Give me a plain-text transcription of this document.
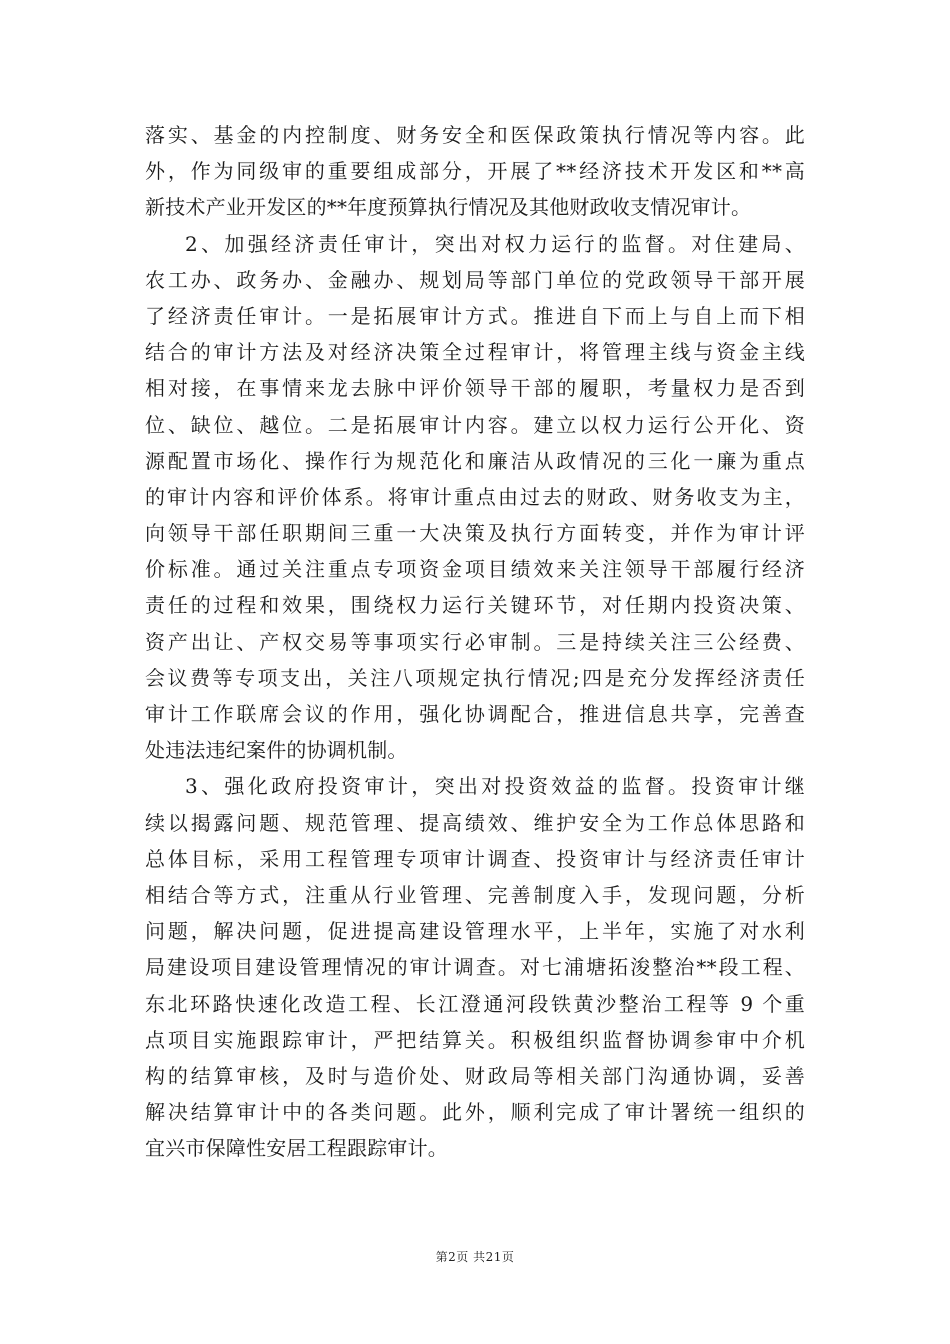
落实、基金的内控制度、财务安全和医保政策执行情况等内容。此
外，作为同级审的重要组成部分，开展了**经济技术开发区和**高
新技术产业开发区的**年度预算执行情况及其他财政收支情况审计。
2、加强经济责任审计，突出对权力运行的监督。对住建局、
农工办、政务办、金融办、规划局等部门单位的党政领导干部开展
了经济责任审计。一是拓展审计方式。推进自下而上与自上而下相
结合的审计方法及对经济决策全过程审计，将管理主线与资金主线
相对接，在事情来龙去脉中评价领导干部的履职，考量权力是否到
位、缺位、越位。二是拓展审计内容。建立以权力运行公开化、资
源配置市场化、操作行为规范化和廉洁从政情况的三化一廉为重点
的审计内容和评价体系。将审计重点由过去的财政、财务收支为主，
向领导干部任职期间三重一大决策及执行方面转变，并作为审计评
价标准。通过关注重点专项资金项目绩效来关注领导干部履行经济
责任的过程和效果，围绕权力运行关键环节，对任期内投资决策、
资产出让、产权交易等事项实行必审制。三是持续关注三公经费、
会议费等专项支出，关注八项规定执行情况;四是充分发挥经济责任
审计工作联席会议的作用，强化协调配合，推进信息共享，完善查
处违法违纪案件的协调机制。
3、强化政府投资审计，突出对投资效益的监督。投资审计继
续以揭露问题、规范管理、提高绩效、维护安全为工作总体思路和
总体目标，采用工程管理专项审计调查、投资审计与经济责任审计
相结合等方式，注重从行业管理、完善制度入手，发现问题，分析
问题，解决问题，促进提高建设管理水平，上半年，实施了对水利
局建设项目建设管理情况的审计调查。对七浦塘拓浚整治**段工程、
东北环路快速化改造工程、长江澄通河段铁黄沙整治工程等 9 个重
点项目实施跟踪审计，严把结算关。积极组织监督协调参审中介机
构的结算审核，及时与造价处、财政局等相关部门沟通协调，妥善
解决结算审计中的各类问题。此外，顺利完成了审计署统一组织的
宜兴市保障性安居工程跟踪审计。
第2页 共21页
